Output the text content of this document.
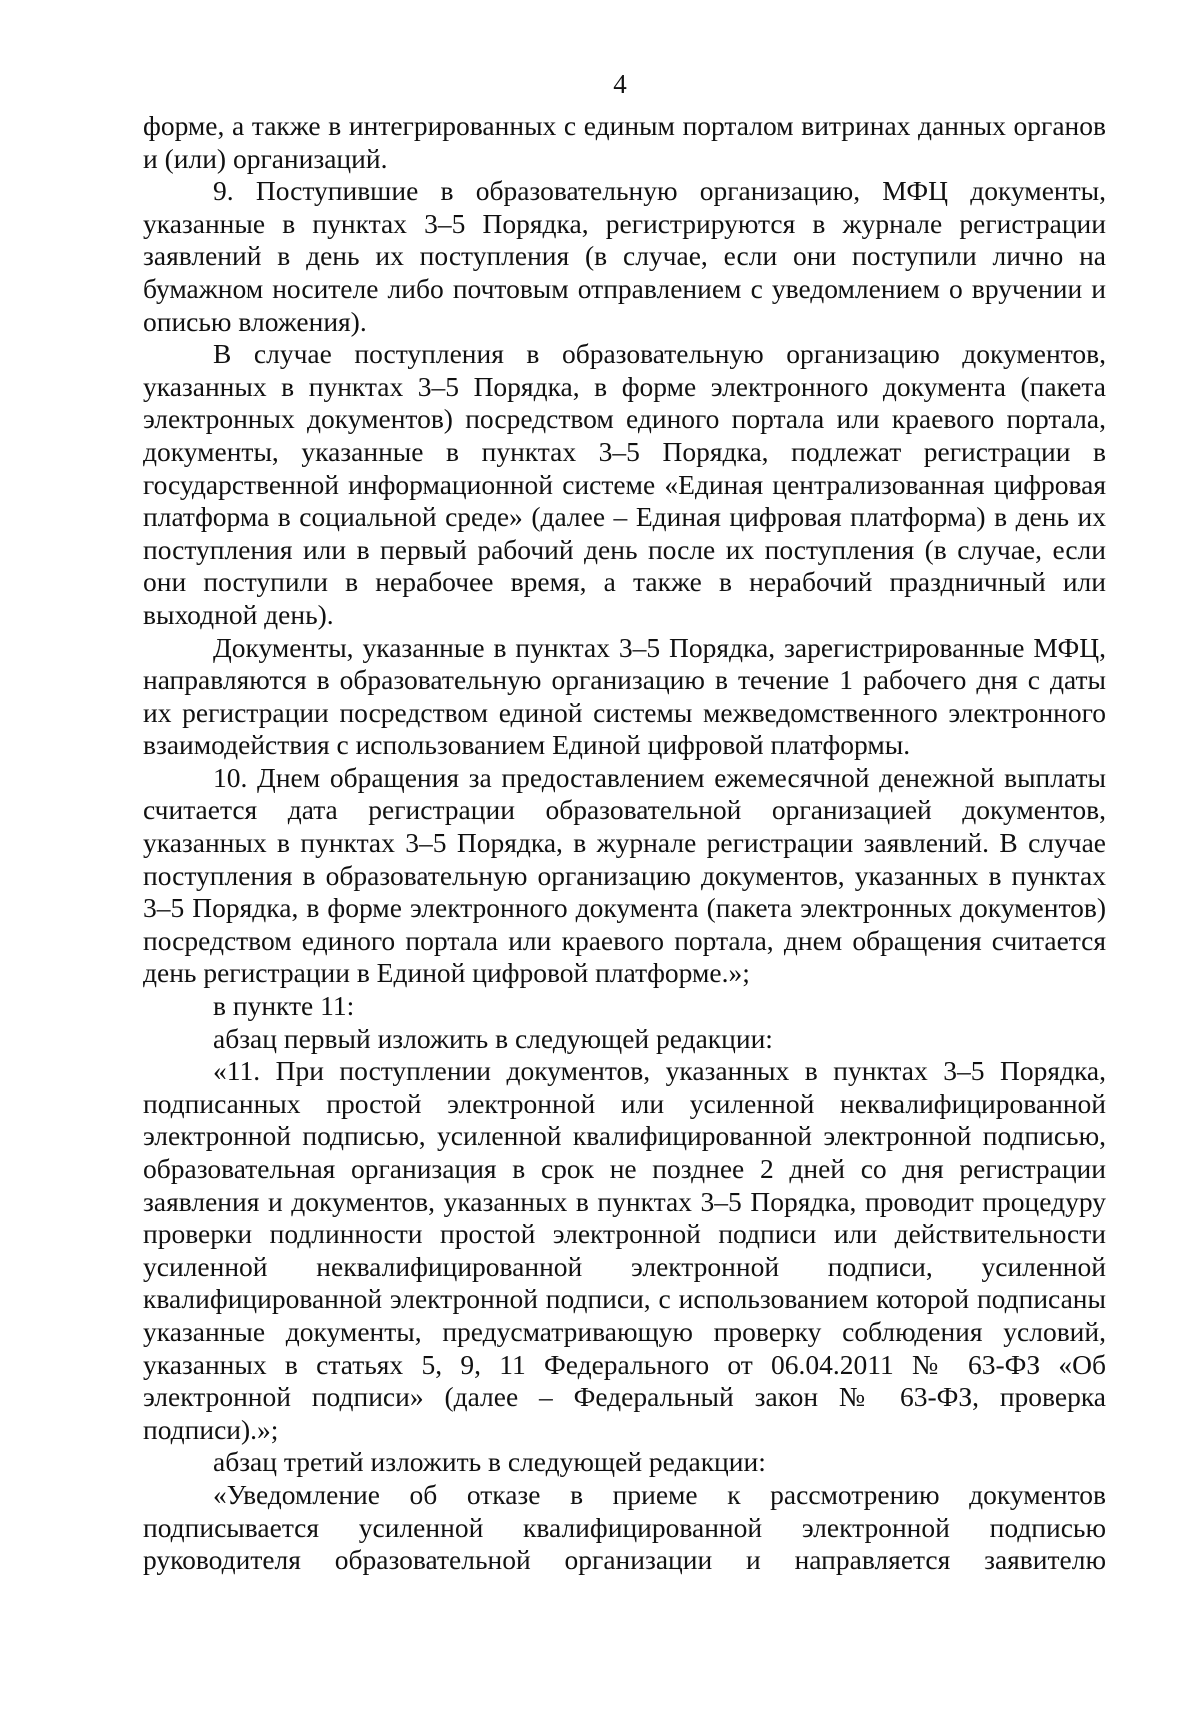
4

форме, а также в интегрированных с единым порталом витринах данных органов и (или) организаций.

9. Поступившие в образовательную организацию, МФЦ документы, указанные в пунктах 3–5 Порядка, регистрируются в журнале регистрации заявлений в день их поступления (в случае, если они поступили лично на бумажном носителе либо почтовым отправлением с уведомлением о вручении и описью вложения).

В случае поступления в образовательную организацию документов, указанных в пунктах 3–5 Порядка, в форме электронного документа (пакета электронных документов) посредством единого портала или краевого портала, документы, указанные в пунктах 3–5 Порядка, подлежат регистрации в государственной информационной системе «Единая централизованная цифровая платформа в социальной среде» (далее – Единая цифровая платформа) в день их поступления или в первый рабочий день после их поступления (в случае, если они поступили в нерабочее время, а также в нерабочий праздничный или выходной день).

Документы, указанные в пунктах 3–5 Порядка, зарегистрированные МФЦ, направляются в образовательную организацию в течение 1 рабочего дня с даты их регистрации посредством единой системы межведомственного электронного взаимодействия с использованием Единой цифровой платформы.

10. Днем обращения за предоставлением ежемесячной денежной выплаты считается дата регистрации образовательной организацией документов, указанных в пунктах 3–5 Порядка, в журнале регистрации заявлений. В случае поступления в образовательную организацию документов, указанных в пунктах 3–5 Порядка, в форме электронного документа (пакета электронных документов) посредством единого портала или краевого портала, днем обращения считается день регистрации в Единой цифровой платформе.»;

в пункте 11:

абзац первый изложить в следующей редакции:

«11. При поступлении документов, указанных в пунктах 3–5 Порядка, подписанных простой электронной или усиленной неквалифицированной электронной подписью, усиленной квалифицированной электронной подписью, образовательная организация в срок не позднее 2 дней со дня регистрации заявления и документов, указанных в пунктах 3–5 Порядка, проводит процедуру проверки подлинности простой электронной подписи или действительности усиленной неквалифицированной электронной подписи, усиленной квалифицированной электронной подписи, с использованием которой подписаны указанные документы, предусматривающую проверку соблюдения условий, указанных в статьях 5, 9, 11 Федерального от 06.04.2011 № 63-ФЗ «Об электронной подписи» (далее – Федеральный закон № 63-ФЗ, проверка подписи).»;

абзац третий изложить в следующей редакции:

«Уведомление об отказе в приеме к рассмотрению документов подписывается усиленной квалифицированной электронной подписью руководителя образовательной организации и направляется заявителю
